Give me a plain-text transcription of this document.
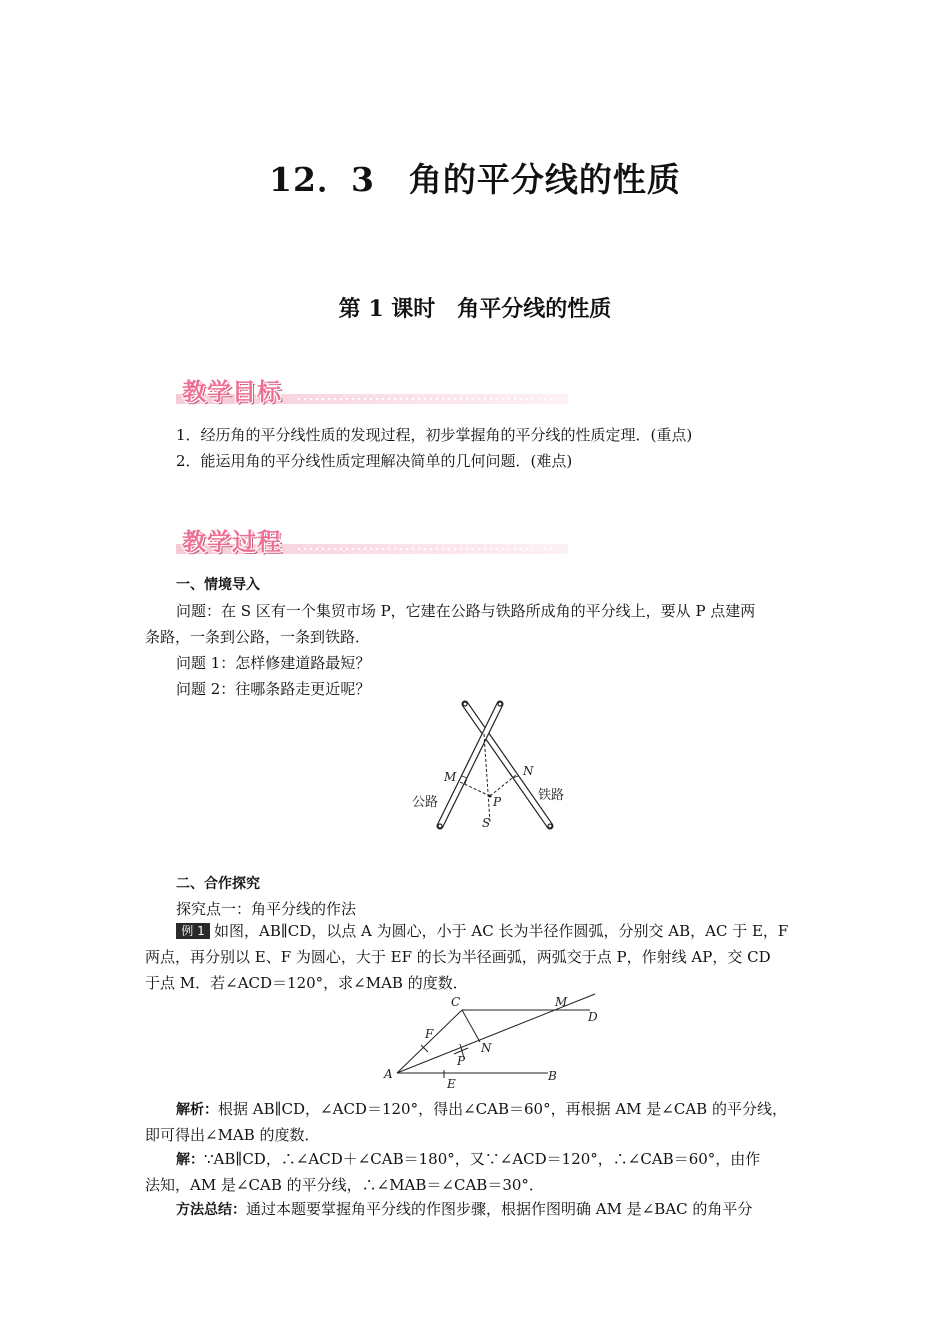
12．3　角的平分线的性质
第 1 课时　角平分线的性质
教学目标
1．经历角的平分线性质的发现过程，初步掌握角的平分线的性质定理．(重点)
2．能运用角的平分线性质定理解决简单的几何问题．(难点)
教学过程
一、情境导入
问题：在 S 区有一个集贸市场 P，它建在公路与铁路所成角的平分线上，要从 P 点建两
条路，一条到公路，一条到铁路．
问题 1：怎样修建道路最短？
问题 2：往哪条路走更近呢？
M	N
P
S
公路	铁路
二、合作探究
探究点一：角平分线的作法
例 1 如图，AB∥CD，以点 A 为圆心，小于 AC 长为半径作圆弧，分别交 AB，AC 于 E，F
两点，再分别以 E、F 为圆心，大于 EF 的长为半径画弧，两弧交于点 P，作射线 AP，交 CD
于点 M．若∠ACD＝120°，求∠MAB 的度数．
A	B
C
D
E
F
M
N
P
解析：根据 AB∥CD，∠ACD＝120°，得出∠CAB＝60°，再根据 AM 是∠CAB 的平分线，
即可得出∠MAB 的度数．
解：∵AB∥CD，∴∠ACD＋∠CAB＝180°，又∵∠ACD＝120°，∴∠CAB＝60°，由作
法知，AM 是∠CAB 的平分线，∴∠MAB＝∠CAB＝30°．
方法总结：通过本题要掌握角平分线的作图步骤，根据作图明确 AM 是∠BAC 的角平分
